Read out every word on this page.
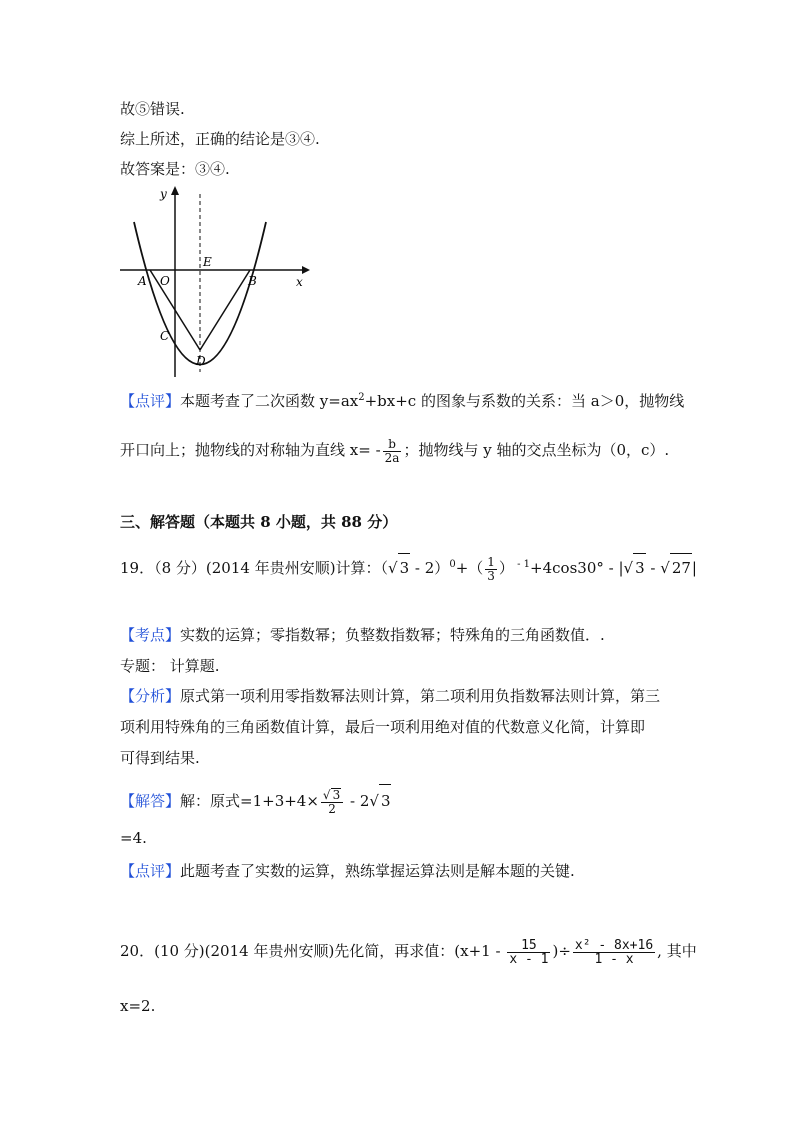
故⑤错误.
综上所述，正确的结论是③④.
故答案是：③④.
y
x
A O
E
B
C
D
【点评】本题考查了二次函数 $y=ax^2+bx+c$ 的图象与系数的关系：当 a＞0，抛物线
开口向上；抛物线的对称轴为直线 $x= - \frac{b}{2a}$ ；抛物线与 y 轴的交点坐标为（0，c）.
三、解答题（本题共 8 小题，共 88 分）
19．（8 分）(2014 年贵州安顺)计算：（√ $3 - 2)^0+( \frac{1}{3}$ ） $^{- 1}$+4cos30° - |√ 3 - √ 27|
【考点】实数的运算；零指数幂；负整数指数幂；特殊角的三角函数值．.
专题： 计算题.
【分析】原式第一项利用零指数幂法则计算，第二项利用负指数幂法则计算，第三
项利用特殊角的三角函数值计算，最后一项利用绝对值的代数意义化简，计算即
可得到结果.
【解答】解：原式$=1+3+4\times \frac{√ 3}{2} - 2√$ 3
=4.
【点评】此题考查了实数的运算，熟练掌握运算法则是解本题的关键.
20．(10 分)(2014 年贵州安顺)先化简，再求值：($x+1 - \frac{15}{x - 1}$ )÷ $\frac{\text{x² - 8x+16}}{1 - x}$ , 其中
x=2.
